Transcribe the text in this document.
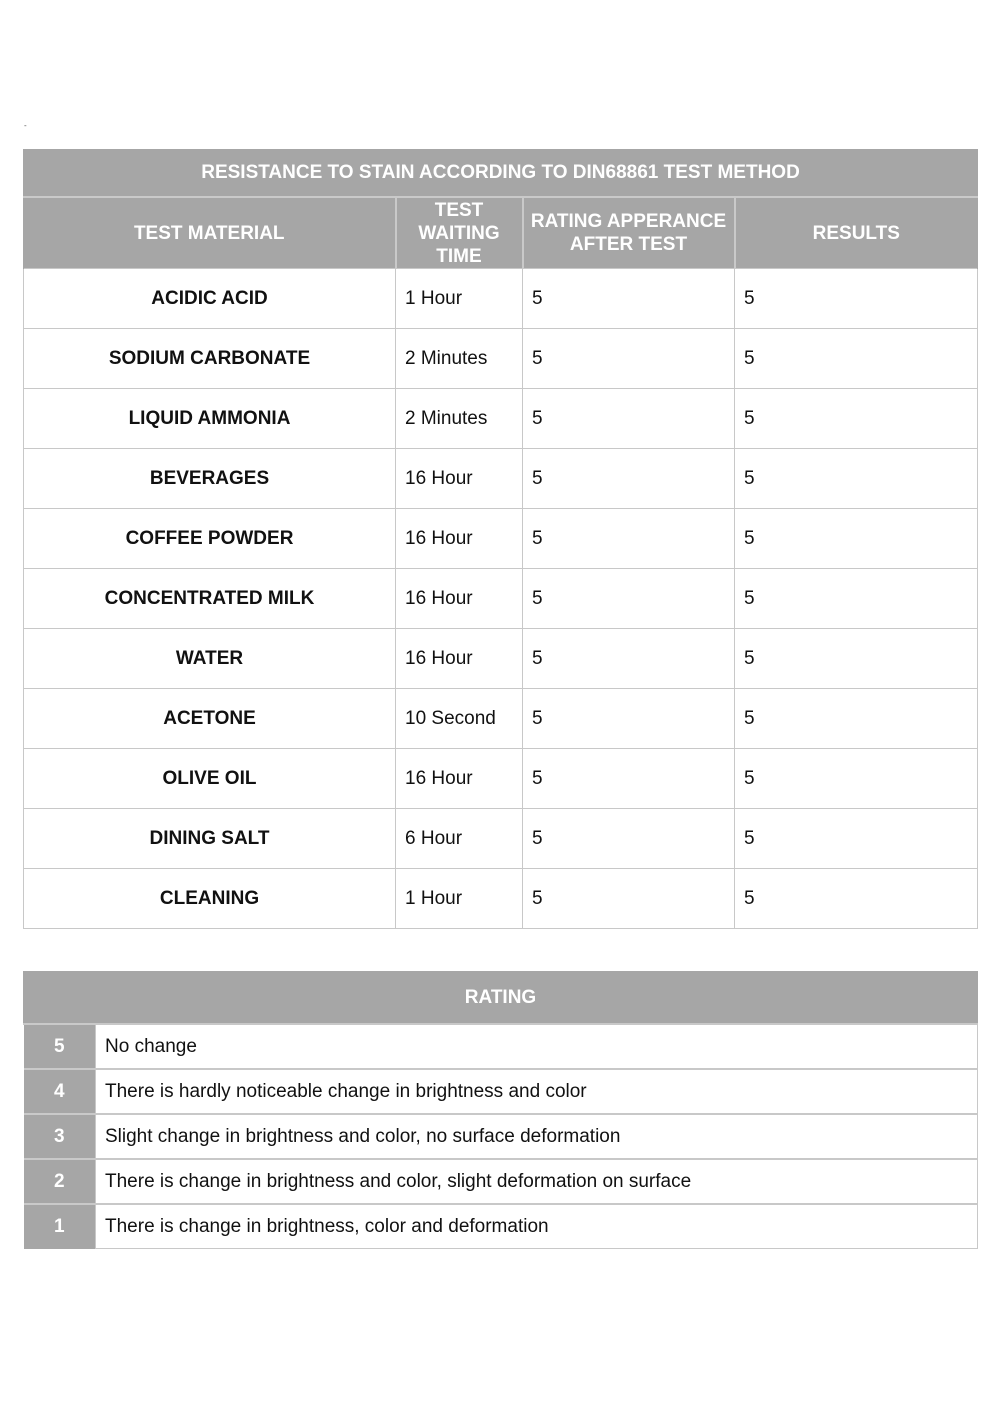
-
RESISTANCE TO STAIN ACCORDING TO DIN68861 TEST METHOD			
TEST MATERIAL	TEST WAITING TIME	RATING APPERANCE AFTER TEST	RESULTS
ACIDIC ACID	1 Hour	5	5
SODIUM CARBONATE	2 Minutes	5	5
LIQUID AMMONIA	2 Minutes	5	5
BEVERAGES	16 Hour	5	5
COFFEE POWDER	16 Hour	5	5
CONCENTRATED MILK	16 Hour	5	5
WATER	16 Hour	5	5
ACETONE	10 Second	5	5
OLIVE OIL	16 Hour	5	5
DINING SALT	6 Hour	5	5
CLEANING	1 Hour	5	5
RATING	
5	No change
4	There is hardly noticeable change in brightness and color
3	Slight change in brightness and color, no surface deformation
2	There is change in brightness and color, slight deformation on surface
1	There is change in brightness, color and deformation
